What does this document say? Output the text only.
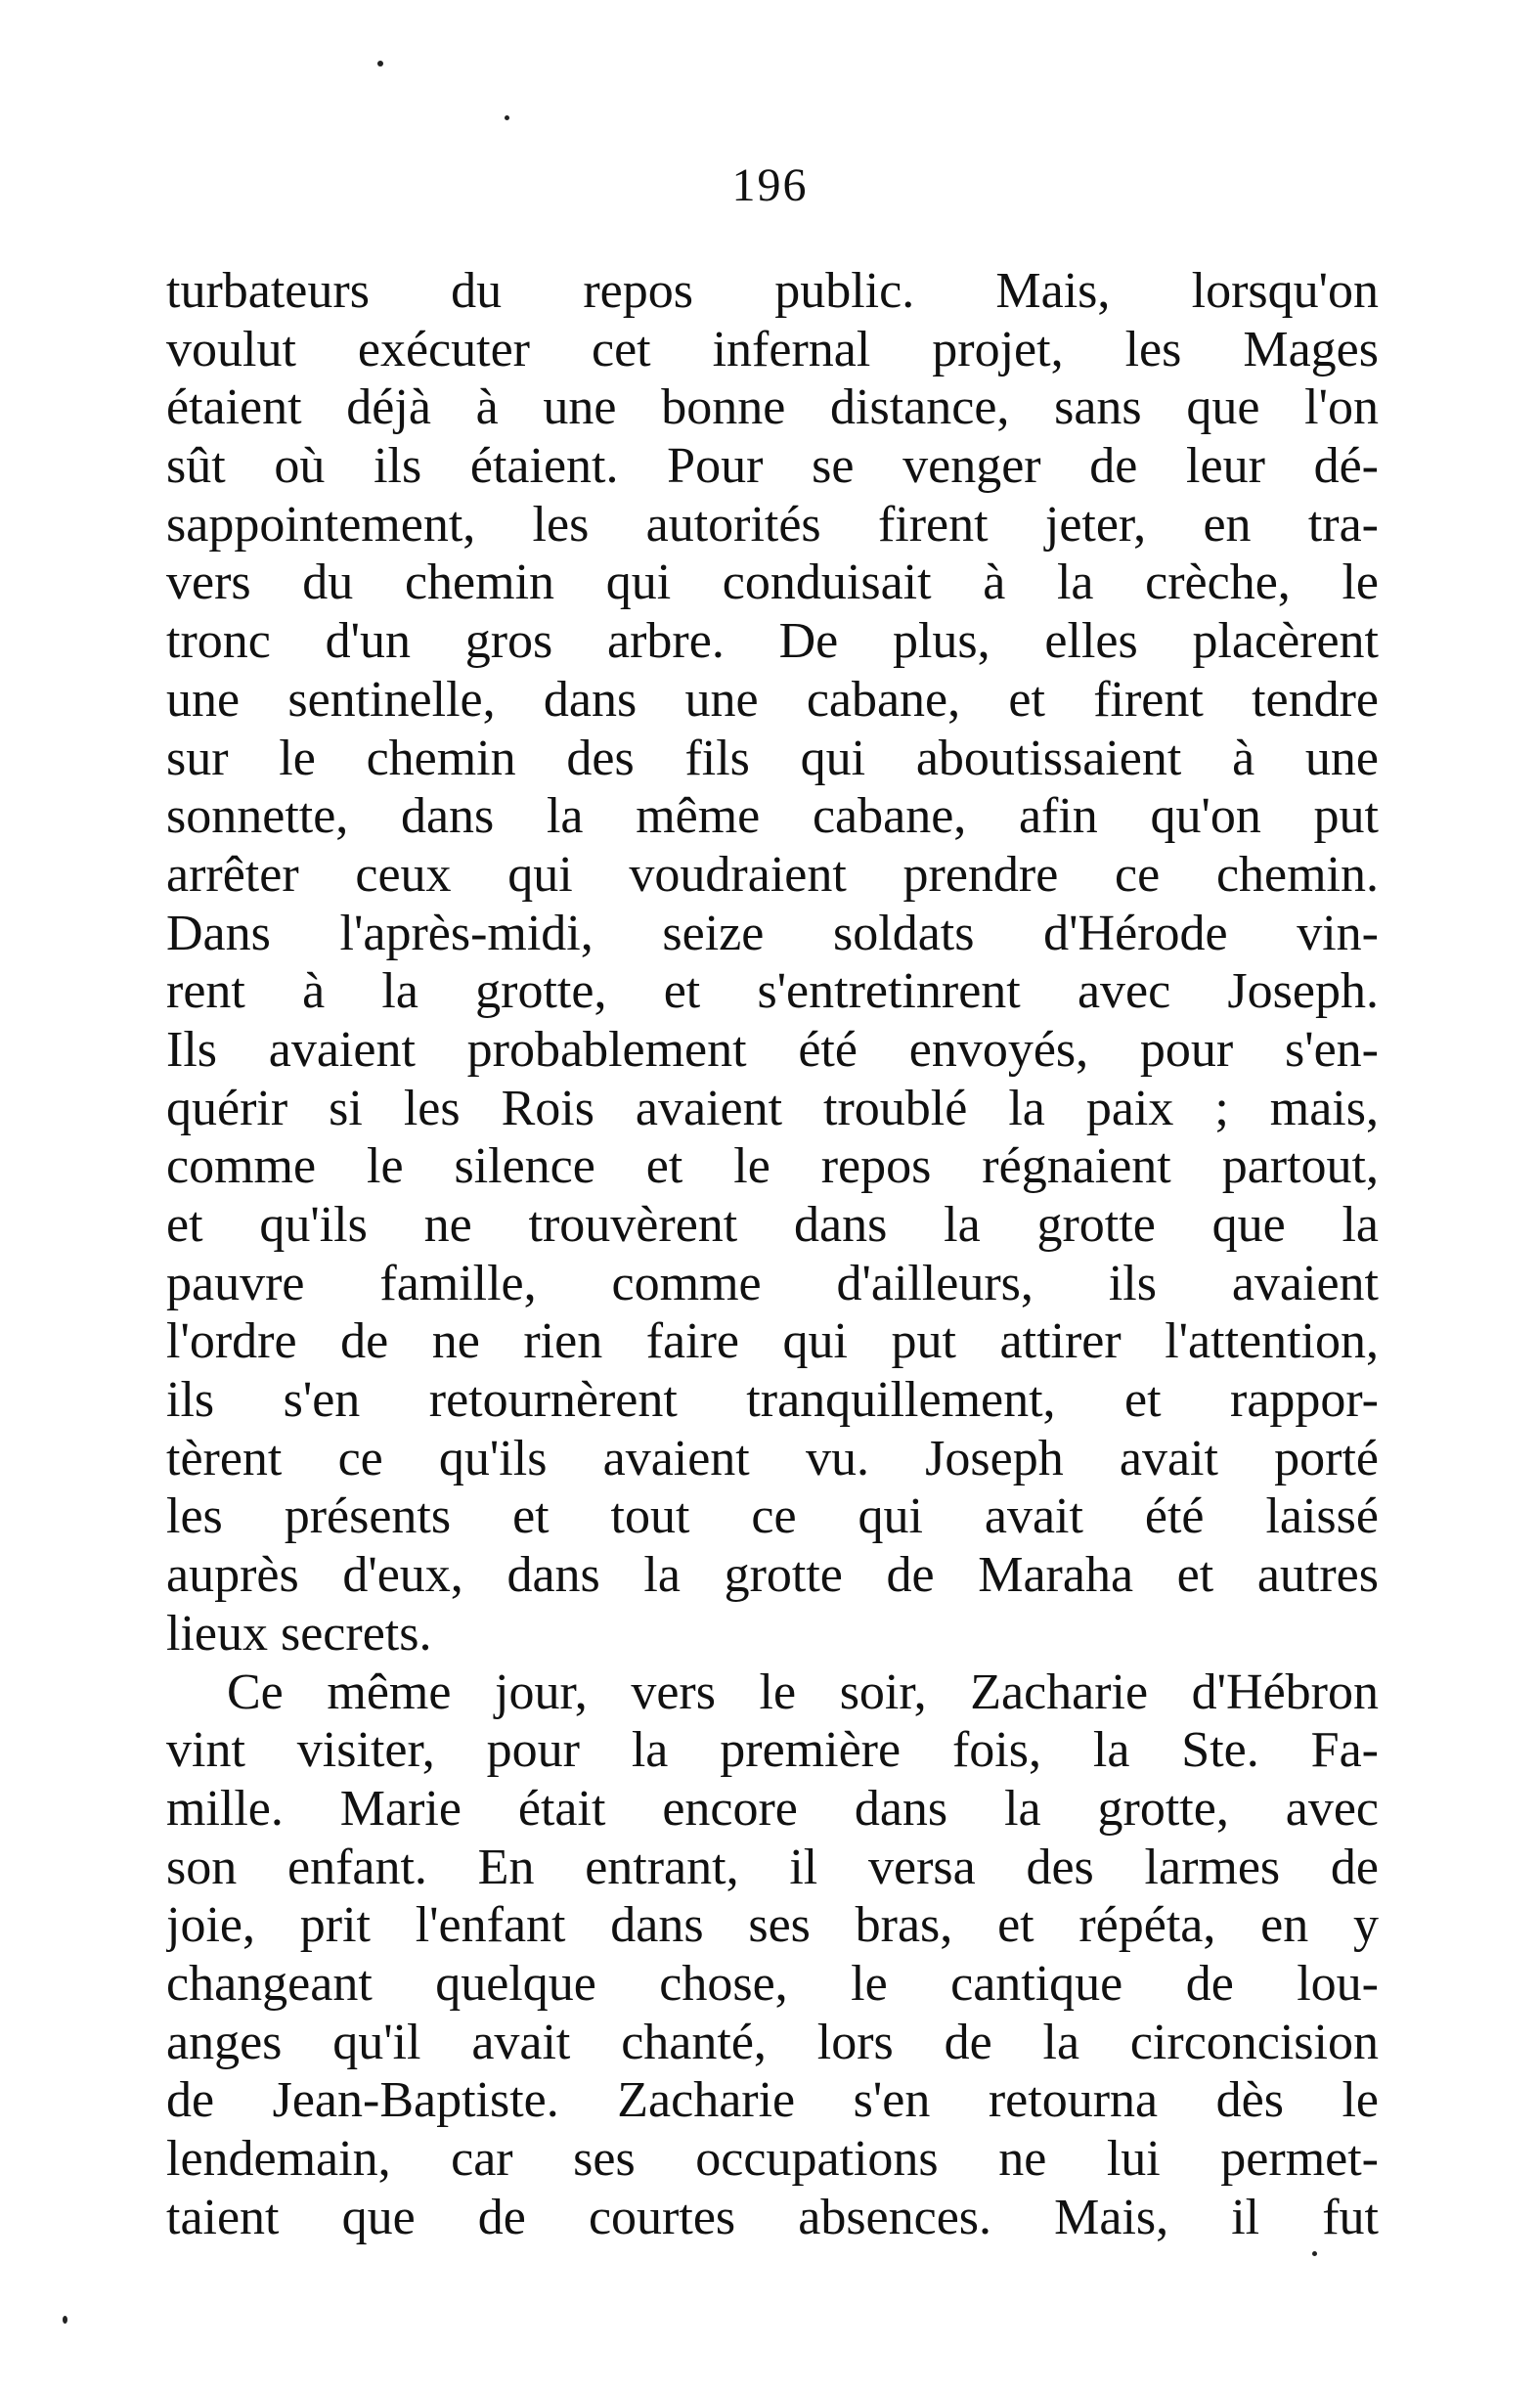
196
turbateurs du repos public. Mais, lorsqu'on
voulut exécuter cet infernal projet, les Mages
étaient déjà à une bonne distance, sans que l'on
sût où ils étaient. Pour se venger de leur dé-
sappointement, les autorités firent jeter, en tra-
vers du chemin qui conduisait à la crèche, le
tronc d'un gros arbre. De plus, elles placèrent
une sentinelle, dans une cabane, et firent tendre
sur le chemin des fils qui aboutissaient à une
sonnette, dans la même cabane, afin qu'on put
arrêter ceux qui voudraient prendre ce chemin.
Dans l'après-midi, seize soldats d'Hérode vin-
rent à la grotte, et s'entretinrent avec Joseph.
Ils avaient probablement été envoyés, pour s'en-
quérir si les Rois avaient troublé la paix ; mais,
comme le silence et le repos régnaient partout,
et qu'ils ne trouvèrent dans la grotte que la
pauvre famille, comme d'ailleurs, ils avaient
l'ordre de ne rien faire qui put attirer l'attention,
ils s'en retournèrent tranquillement, et rappor-
tèrent ce qu'ils avaient vu. Joseph avait porté
les présents et tout ce qui avait été laissé
auprès d'eux, dans la grotte de Maraha et autres
lieux secrets.
Ce même jour, vers le soir, Zacharie d'Hébron
vint visiter, pour la première fois, la Ste. Fa-
mille. Marie était encore dans la grotte, avec
son enfant. En entrant, il versa des larmes de
joie, prit l'enfant dans ses bras, et répéta, en y
changeant quelque chose, le cantique de lou-
anges qu'il avait chanté, lors de la circoncision
de Jean-Baptiste. Zacharie s'en retourna dès le
lendemain, car ses occupations ne lui permet-
taient que de courtes absences. Mais, il fut
